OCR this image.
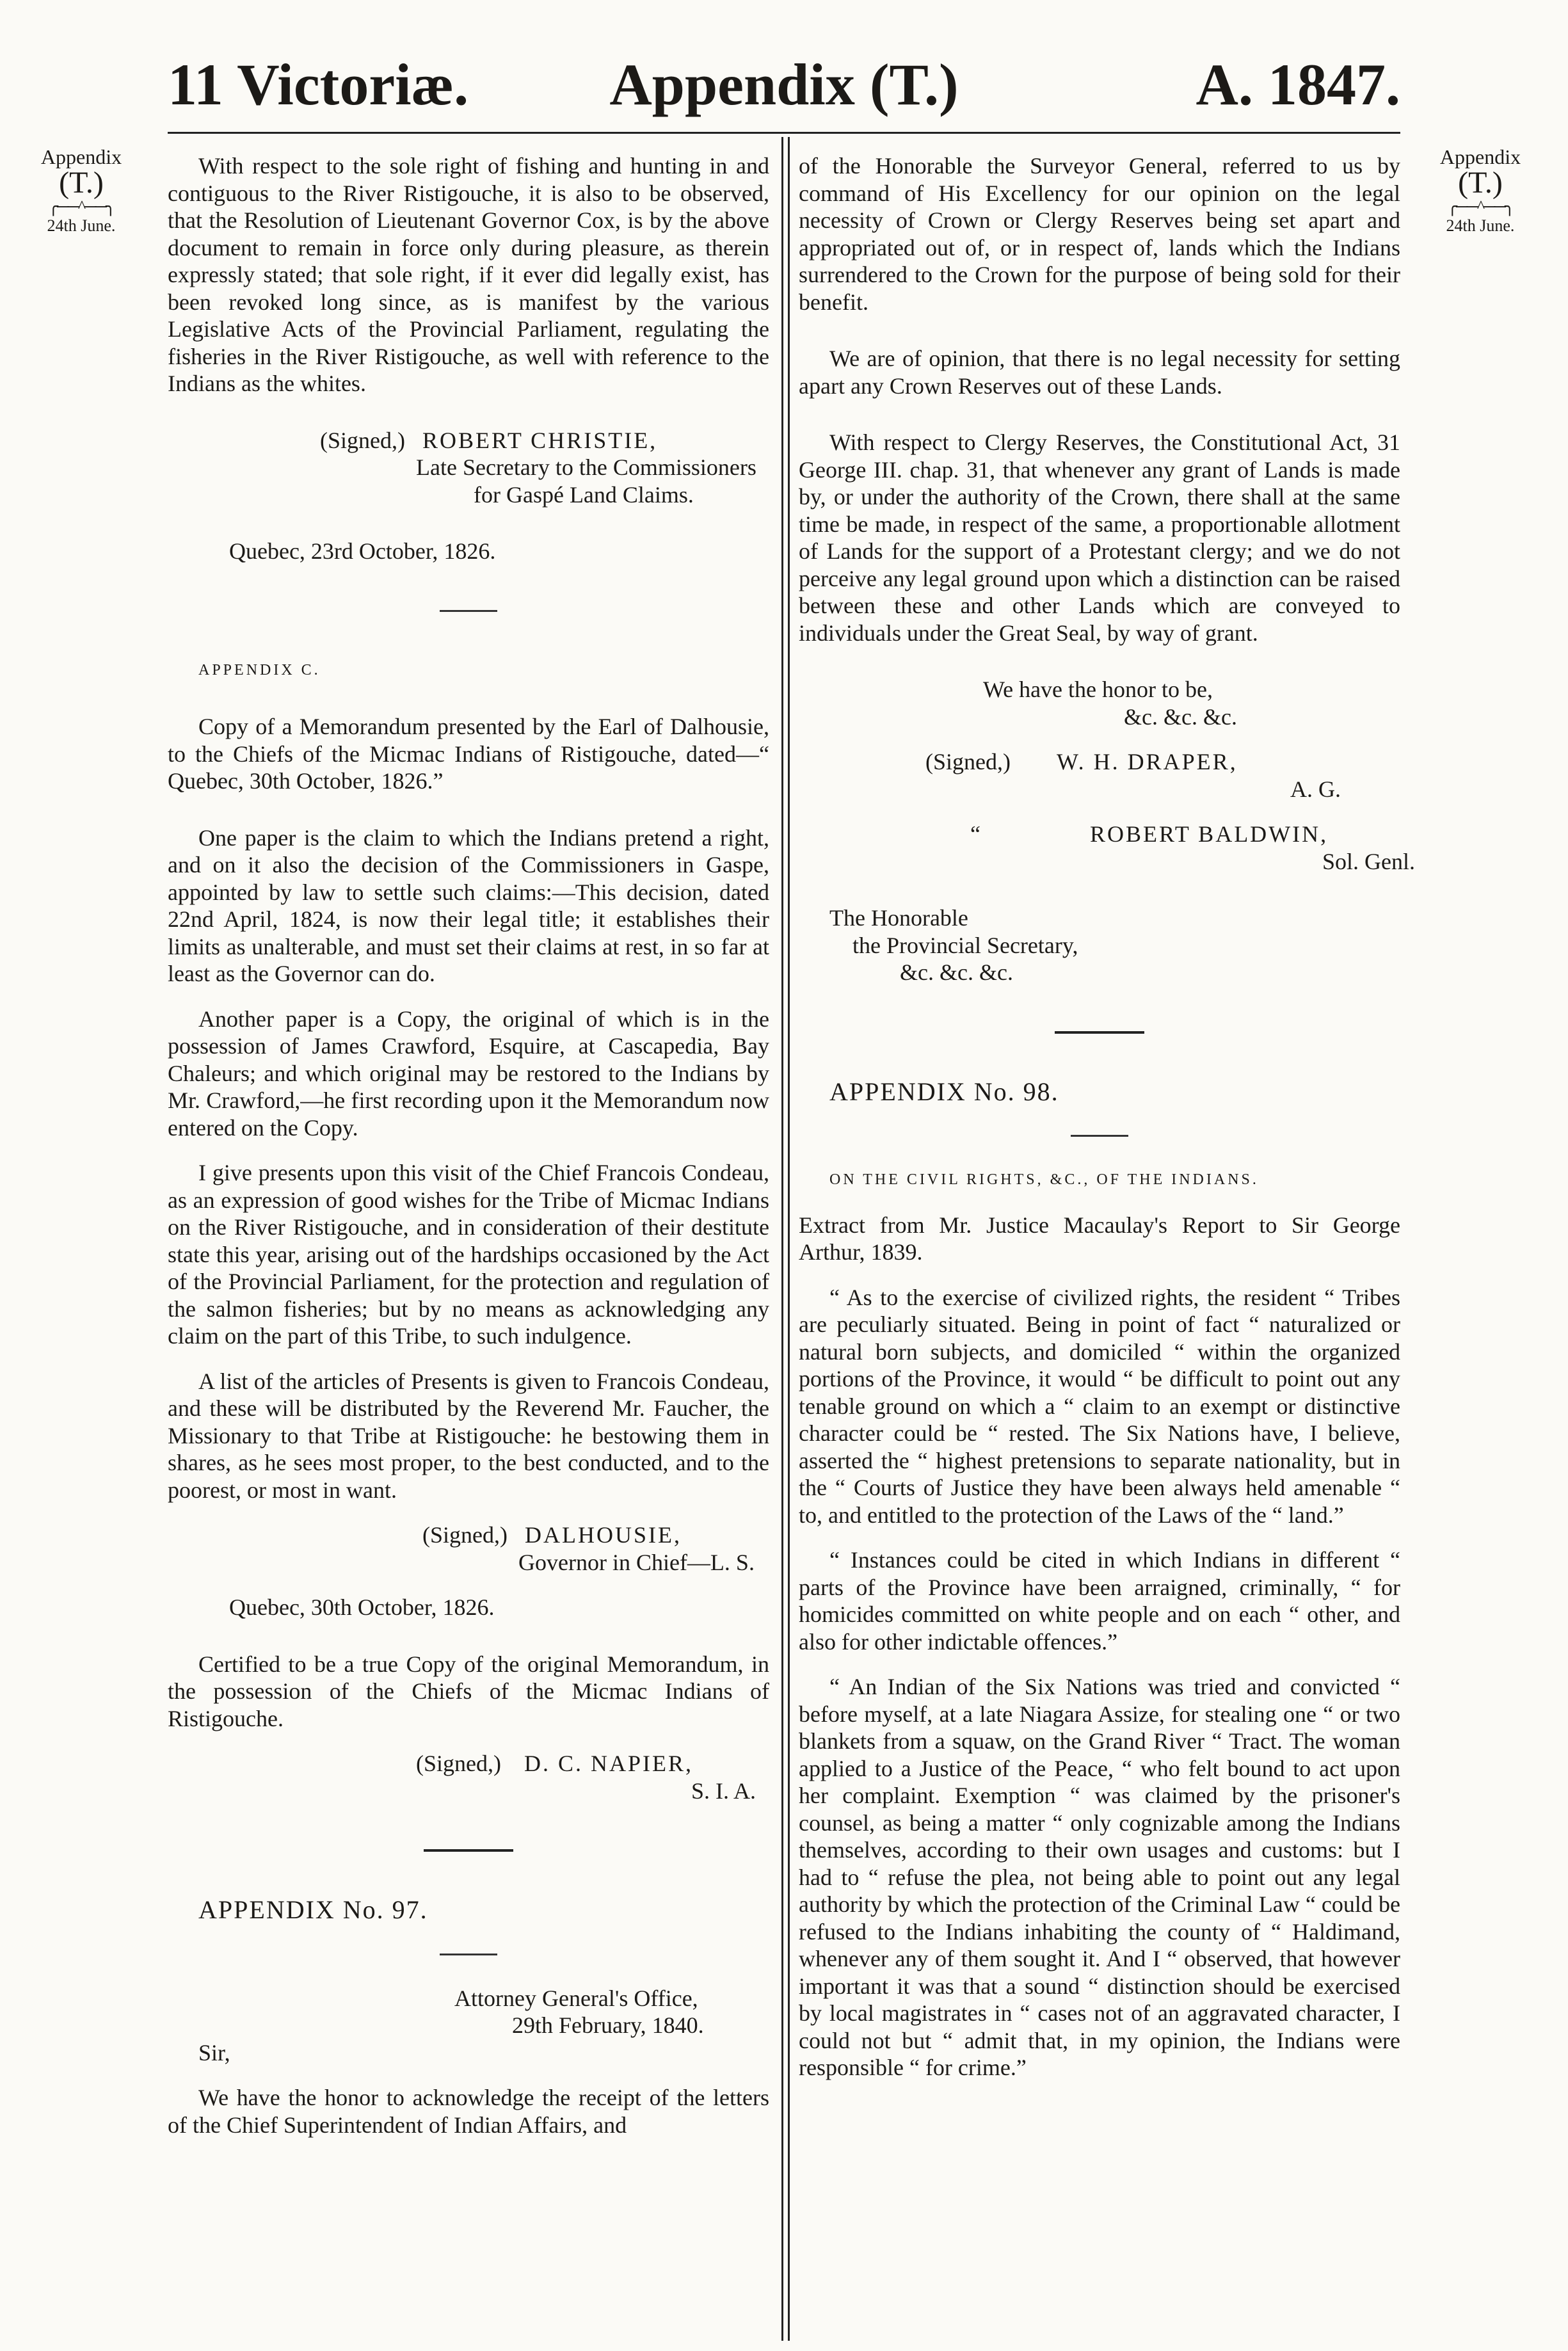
11 Victoriæ.	Appendix (T.)	A. 1847.
Appendix
(T.)
╭──^──╮
24th June.
Appendix
(T.)
╭──^──╮
24th June.

With respect to the sole right of fishing and hunting in and contiguous to the River Ristigouche, it is also to be observed, that the Resolution of Lieutenant Governor Cox, is by the above document to remain in force only during pleasure, as therein expressly stated; that sole right, if it ever did legally exist, has been revoked long since, as is manifest by the various Legislative Acts of the Provincial Parliament, regulating the fisheries in the River Ristigouche, as well with reference to the Indians as the whites.

(Signed,) ROBERT CHRISTIE,

Late Secretary to the Commissioners

for Gaspé Land Claims.

Quebec, 23rd October, 1826.

APPENDIX C.

Copy of a Memorandum presented by the Earl of Dalhousie, to the Chiefs of the Micmac Indians of Ristigouche, dated—“ Quebec, 30th October, 1826.”

One paper is the claim to which the Indians pretend a right, and on it also the decision of the Commissioners in Gaspe, appointed by law to settle such claims:—This decision, dated 22nd April, 1824, is now their legal title; it establishes their limits as unalterable, and must set their claims at rest, in so far at least as the Governor can do.

Another paper is a Copy, the original of which is in the possession of James Crawford, Esquire, at Cascapedia, Bay Chaleurs; and which original may be restored to the Indians by Mr. Crawford,—he first recording upon it the Memorandum now entered on the Copy.

I give presents upon this visit of the Chief Francois Condeau, as an expression of good wishes for the Tribe of Micmac Indians on the River Ristigouche, and in consideration of their destitute state this year, arising out of the hardships occasioned by the Act of the Provincial Parliament, for the protection and regulation of the salmon fisheries; but by no means as acknowledging any claim on the part of this Tribe, to such indulgence.

A list of the articles of Presents is given to Francois Condeau, and these will be distributed by the Reverend Mr. Faucher, the Missionary to that Tribe at Ristigouche: he bestowing them in shares, as he sees most proper, to the best conducted, and to the poorest, or most in want.

(Signed,) DALHOUSIE,

Governor in Chief—L. S.

Quebec, 30th October, 1826.

Certified to be a true Copy of the original Memorandum, in the possession of the Chiefs of the Micmac Indians of Ristigouche.

(Signed,) D. C. NAPIER,

S. I. A.

APPENDIX No. 97.

Attorney General's Office,

29th February, 1840.

Sir,

We have the honor to acknowledge the receipt of the letters of the Chief Superintendent of Indian Affairs, and

of the Honorable the Surveyor General, referred to us by command of His Excellency for our opinion on the legal necessity of Crown or Clergy Reserves being set apart and appropriated out of, or in respect of, lands which the Indians surrendered to the Crown for the purpose of being sold for their benefit.

We are of opinion, that there is no legal necessity for setting apart any Crown Reserves out of these Lands.

With respect to Clergy Reserves, the Constitutional Act, 31 George III. chap. 31, that whenever any grant of Lands is made by, or under the authority of the Crown, there shall at the same time be made, in respect of the same, a proportionable allotment of Lands for the support of a Protestant clergy; and we do not perceive any legal ground upon which a distinction can be raised between these and other Lands which are conveyed to individuals under the Great Seal, by way of grant.

We have the honor to be,

&c. &c. &c.

(Signed,) W. H. DRAPER,

A. G.

“	ROBERT BALDWIN,

Sol. Genl.

The Honorable

the Provincial Secretary,

&c. &c. &c.

APPENDIX No. 98.

ON THE CIVIL RIGHTS, &C., OF THE INDIANS.

Extract from Mr. Justice Macaulay's Report to Sir George Arthur, 1839.

“ As to the exercise of civilized rights, the resident “ Tribes are peculiarly situated. Being in point of fact “ naturalized or natural born subjects, and domiciled “ within the organized portions of the Province, it would “ be difficult to point out any tenable ground on which a “ claim to an exempt or distinctive character could be “ rested. The Six Nations have, I believe, asserted the “ highest pretensions to separate nationality, but in the “ Courts of Justice they have been always held amenable “ to, and entitled to the protection of the Laws of the “ land.”

“ Instances could be cited in which Indians in different “ parts of the Province have been arraigned, criminally, “ for homicides committed on white people and on each “ other, and also for other indictable offences.”

“ An Indian of the Six Nations was tried and convicted “ before myself, at a late Niagara Assize, for stealing one “ or two blankets from a squaw, on the Grand River “ Tract. The woman applied to a Justice of the Peace, “ who felt bound to act upon her complaint. Exemption “ was claimed by the prisoner's counsel, as being a matter “ only cognizable among the Indians themselves, according to their own usages and customs: but I had to “ refuse the plea, not being able to point out any legal authority by which the protection of the Criminal Law “ could be refused to the Indians inhabiting the county of “ Haldimand, whenever any of them sought it. And I “ observed, that however important it was that a sound “ distinction should be exercised by local magistrates in “ cases not of an aggravated character, I could not but “ admit that, in my opinion, the Indians were responsible “ for crime.”
